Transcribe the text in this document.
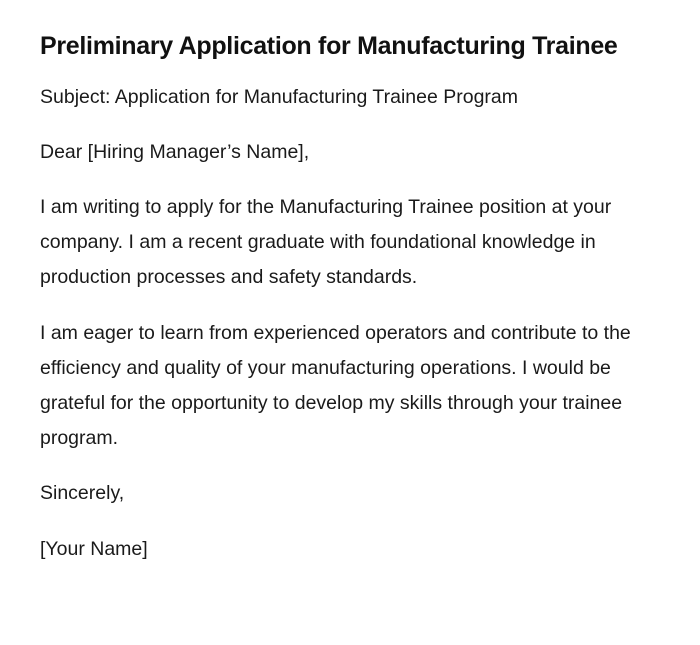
Preliminary Application for Manufacturing Trainee

Subject: Application for Manufacturing Trainee Program

Dear [Hiring Manager’s Name],

I am writing to apply for the Manufacturing Trainee position at your company. I am a recent graduate with foundational knowledge in production processes and safety standards.

I am eager to learn from experienced operators and contribute to the efficiency and quality of your manufacturing operations. I would be grateful for the opportunity to develop my skills through your trainee program.

Sincerely,

[Your Name]
